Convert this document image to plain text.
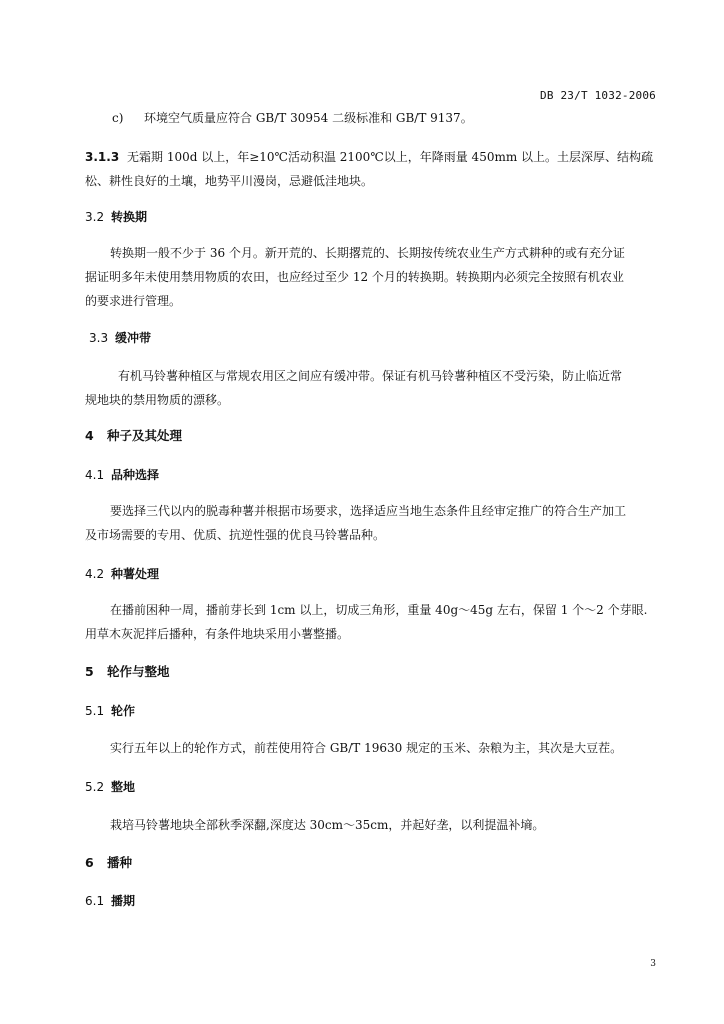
DB 23/T 1032-2006
c) 环境空气质量应符合 GB/T 30954 二级标准和 GB/T 9137。
3.1.3 无霜期 100d 以上，年≥10℃活动积温 2100℃以上，年降雨量 450mm 以上。土层深厚、结构疏
松、耕性良好的土壤，地势平川漫岗，忌避低洼地块。
3.2 转换期
转换期一般不少于 36 个月。新开荒的、长期撂荒的、长期按传统农业生产方式耕种的或有充分证
据证明多年未使用禁用物质的农田，也应经过至少 12 个月的转换期。转换期内必须完全按照有机农业
的要求进行管理。
3.3 缓冲带
有机马铃薯种植区与常规农用区之间应有缓冲带。保证有机马铃薯种植区不受污染，防止临近常
规地块的禁用物质的漂移。
4 种子及其处理
4.1 品种选择
要选择三代以内的脱毒种薯并根据市场要求，选择适应当地生态条件且经审定推广的符合生产加工
及市场需要的专用、优质、抗逆性强的优良马铃薯品种。
4.2 种薯处理
在播前困种一周，播前芽长到 1cm 以上，切成三角形，重量 40g～45g 左右，保留 1 个～2 个芽眼.
用草木灰泥拌后播种，有条件地块采用小薯整播。
5 轮作与整地
5.1 轮作
实行五年以上的轮作方式，前茬使用符合 GB/T 19630 规定的玉米、杂粮为主，其次是大豆茬。
5.2 整地
栽培马铃薯地块全部秋季深翻,深度达 30cm～35cm，并起好垄，以利提温补墒。
6 播种
6.1 播期
3
